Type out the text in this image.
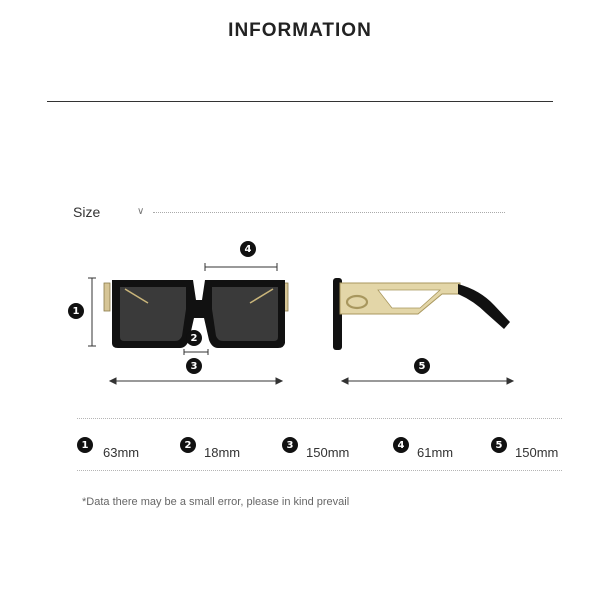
INFORMATION
Size	∨
1
2
3
4
5
1	63mm	2 18mm	3 150mm	4 61mm	5 150mm
*Data there may be a small error, please in kind prevail
